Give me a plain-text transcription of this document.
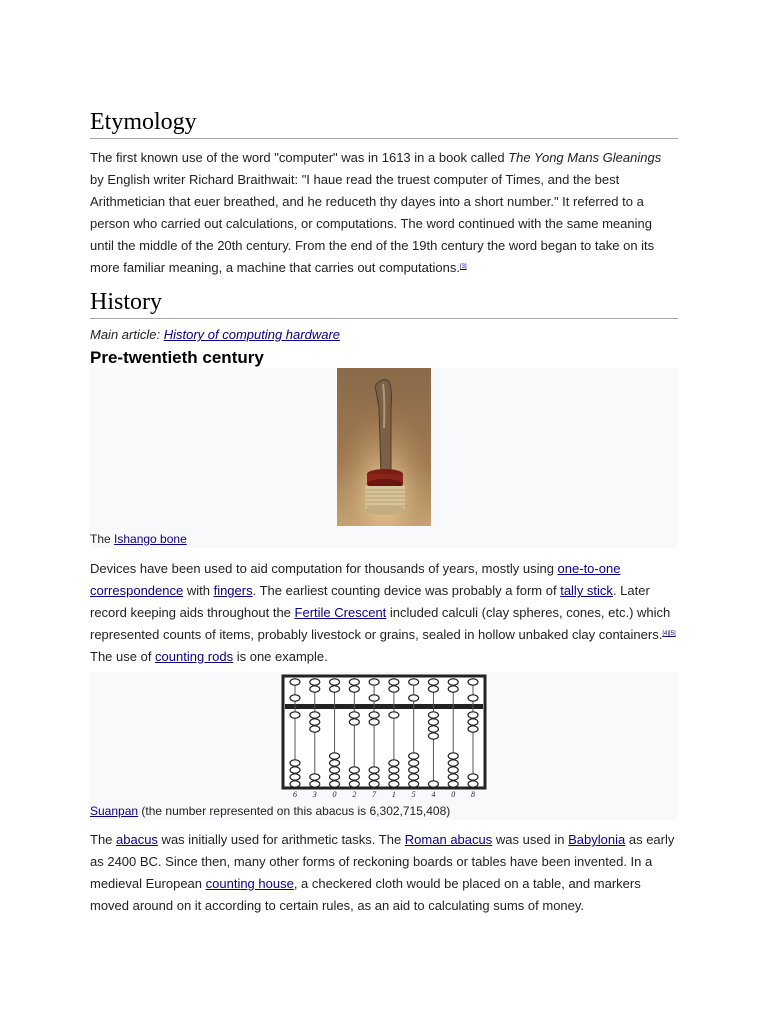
Etymology

The first known use of the word "computer" was in 1613 in a book called The Yong Mans Gleanings by English writer Richard Braithwait: "I haue read the truest computer of Times, and the best Arithmetician that euer breathed, and he reduceth thy dayes into a short number." It referred to a person who carried out calculations, or computations. The word continued with the same meaning until the middle of the 20th century. From the end of the 19th century the word began to take on its more familiar meaning, a machine that carries out computations.[3]

History
Main article: History of computing hardware
Pre-twentieth century
The Ishango bone

Devices have been used to aid computation for thousands of years, mostly using one-to-one correspondence with fingers. The earliest counting device was probably a form of tally stick. Later record keeping aids throughout the Fertile Crescent included calculi (clay spheres, cones, etc.) which represented counts of items, probably livestock or grains, sealed in hollow unbaked clay containers.[4][5] The use of counting rods is one example.

6 3 0 2 7 1 5 4 0 8
Suanpan (the number represented on this abacus is 6,302,715,408)

The abacus was initially used for arithmetic tasks. The Roman abacus was used in Babylonia as early as 2400 BC. Since then, many other forms of reckoning boards or tables have been invented. In a medieval European counting house, a checkered cloth would be placed on a table, and markers moved around on it according to certain rules, as an aid to calculating sums of money.
